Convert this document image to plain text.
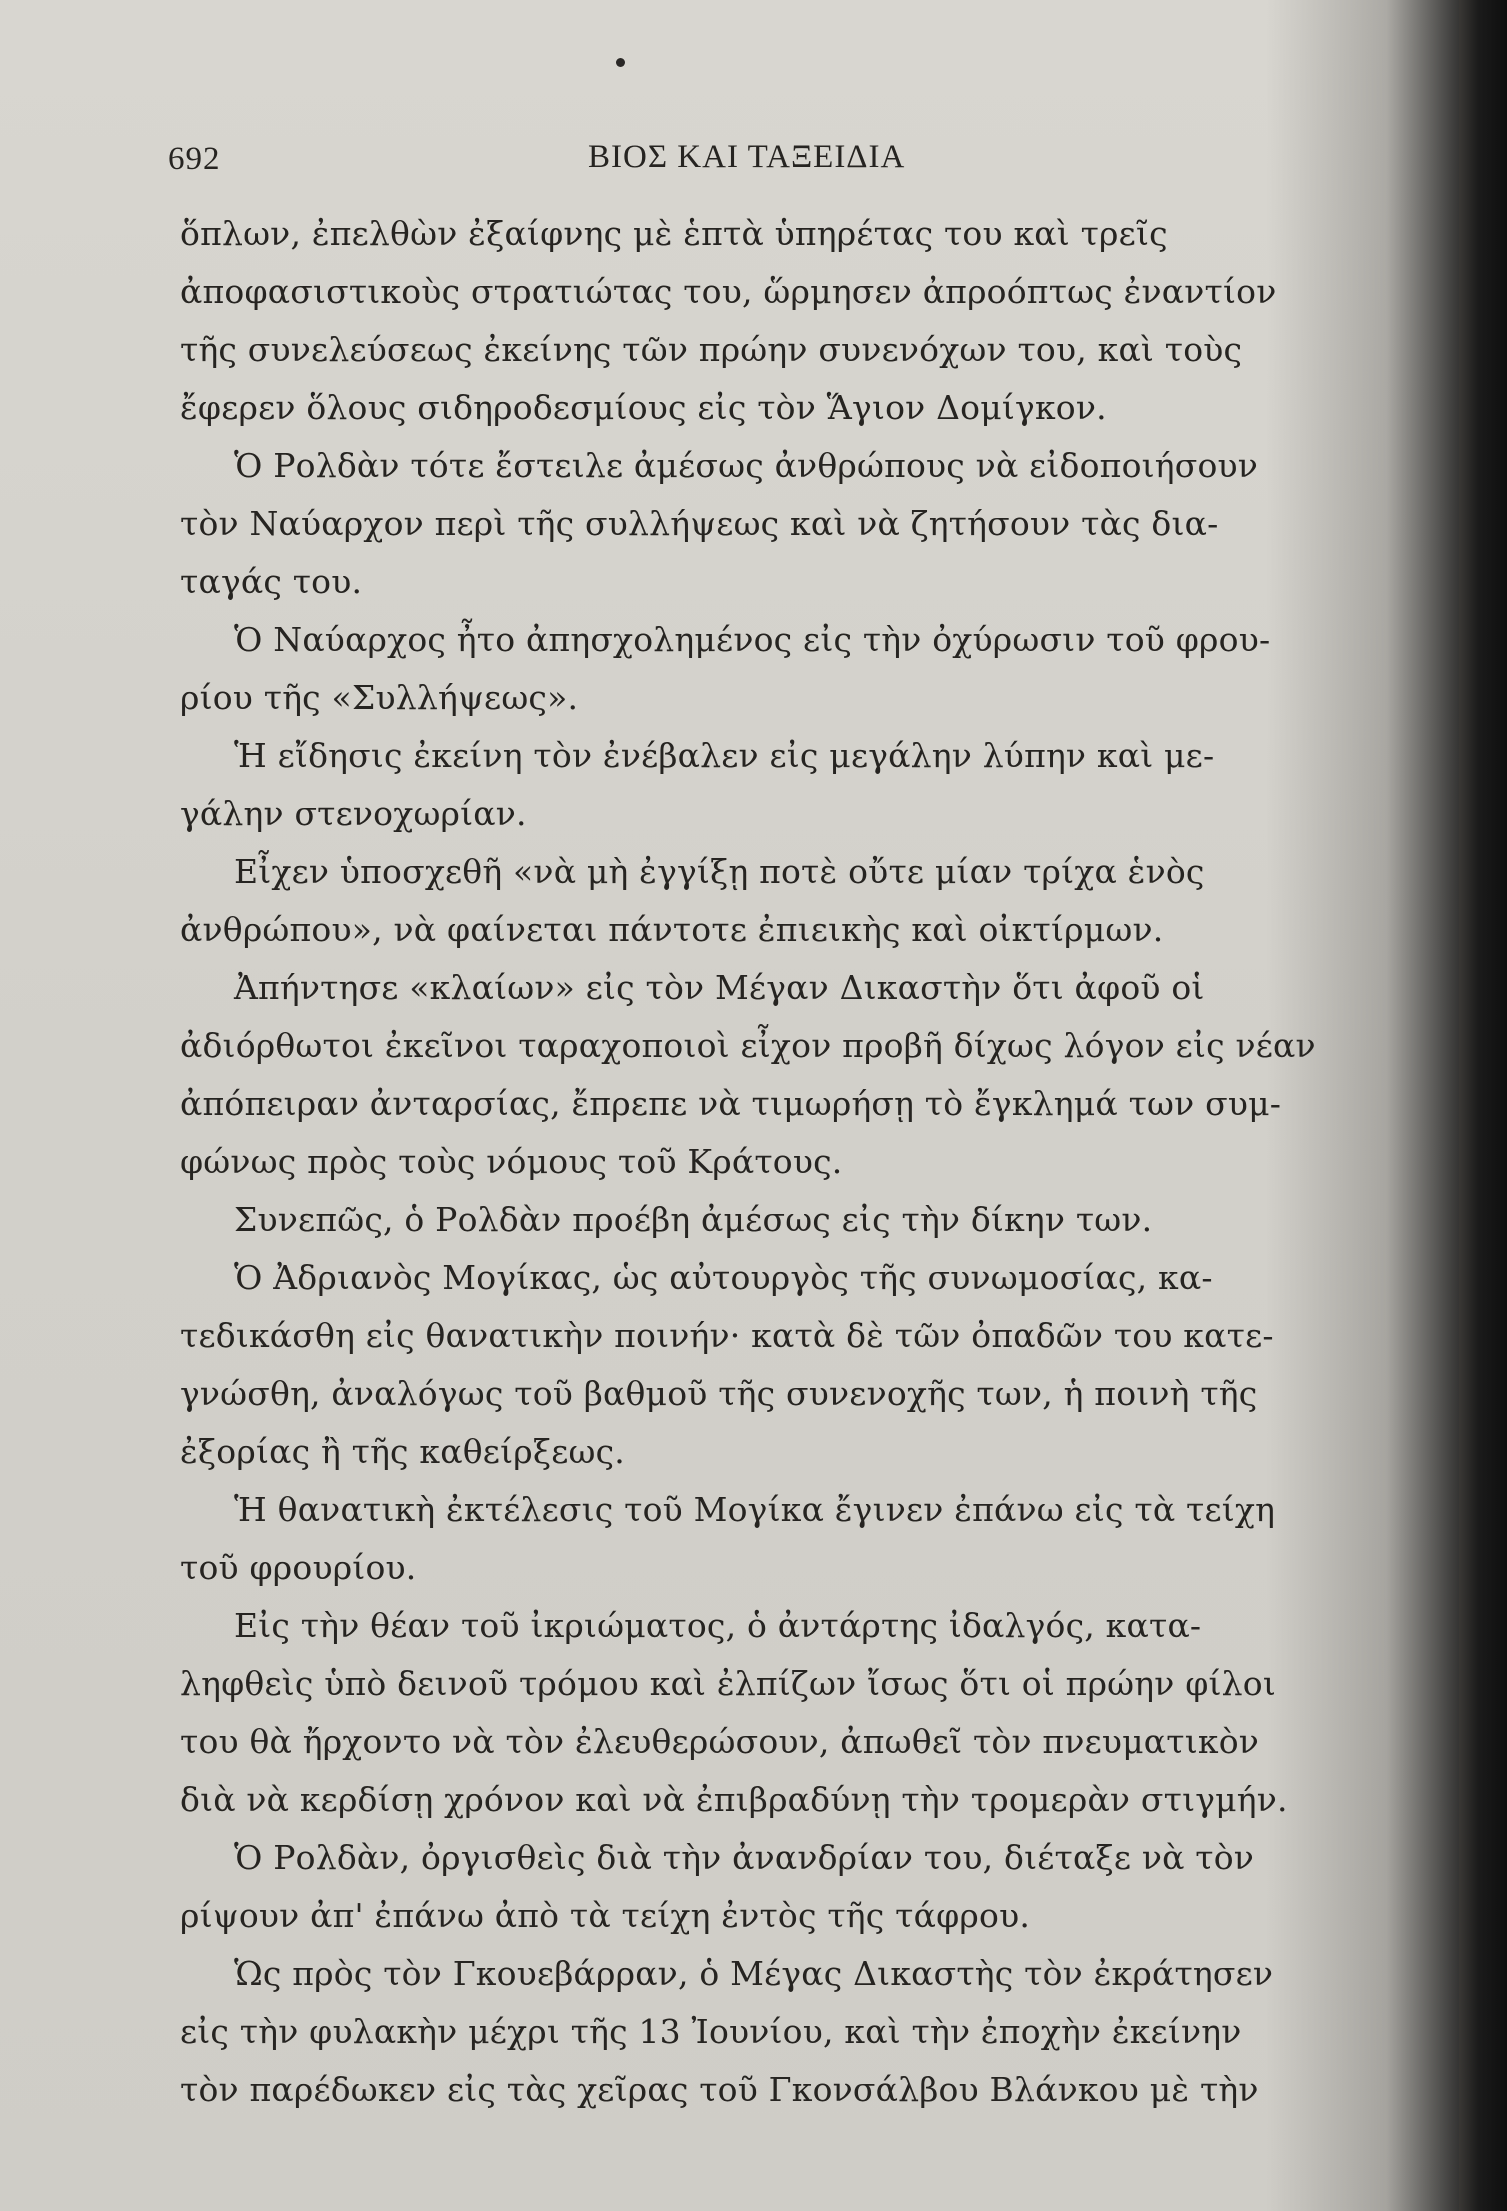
692	ΒΙΟΣ ΚΑΙ ΤΑΞΕΙΔΙΑ
ὅπλων, ἐπελθὼν ἐξαίφνης μὲ ἑπτὰ ὑπηρέτας του καὶ τρεῖς
ἀποφασιστικοὺς στρατιώτας του, ὥρμησεν ἀπροόπτως ἐναντίον
τῆς συνελεύσεως ἐκείνης τῶν πρώην συνενόχων του, καὶ τοὺς
ἔφερεν ὅλους σιδηροδεσμίους εἰς τὸν Ἅγιον Δομίγκον.
Ὁ Ρολδὰν τότε ἔστειλε ἀμέσως ἀνθρώπους νὰ εἰδοποιήσουν
τὸν Ναύαρχον περὶ τῆς συλλήψεως καὶ νὰ ζητήσουν τὰς δια-
ταγάς του.
Ὁ Ναύαρχος ἦτο ἀπησχολημένος εἰς τὴν ὀχύρωσιν τοῦ φρου-
ρίου τῆς «Συλλήψεως».
Ἡ εἴδησις ἐκείνη τὸν ἐνέβαλεν εἰς μεγάλην λύπην καὶ με-
γάλην στενοχωρίαν.
Εἶχεν ὑποσχεθῆ «νὰ μὴ ἐγγίξῃ ποτὲ οὔτε μίαν τρίχα ἑνὸς
ἀνθρώπου», νὰ φαίνεται πάντοτε ἐπιεικὴς καὶ οἰκτίρμων.
Ἀπήντησε «κλαίων» εἰς τὸν Μέγαν Δικαστὴν ὅτι ἀφοῦ οἱ
ἀδιόρθωτοι ἐκεῖνοι ταραχοποιοὶ εἶχον προβῆ δίχως λόγον εἰς νέαν
ἀπόπειραν ἀνταρσίας, ἔπρεπε νὰ τιμωρήσῃ τὸ ἔγκλημά των συμ-
φώνως πρὸς τοὺς νόμους τοῦ Κράτους.
Συνεπῶς, ὁ Ρολδὰν προέβη ἀμέσως εἰς τὴν δίκην των.
Ὁ Ἀδριανὸς Μογίκας, ὡς αὐτουργὸς τῆς συνωμοσίας, κα-
τεδικάσθη εἰς θανατικὴν ποινήν· κατὰ δὲ τῶν ὀπαδῶν του κατε-
γνώσθη, ἀναλόγως τοῦ βαθμοῦ τῆς συνενοχῆς των, ἡ ποινὴ τῆς
ἐξορίας ἢ τῆς καθείρξεως.
Ἡ θανατικὴ ἐκτέλεσις τοῦ Μογίκα ἔγινεν ἐπάνω εἰς τὰ τείχη
τοῦ φρουρίου.
Εἰς τὴν θέαν τοῦ ἰκριώματος, ὁ ἀντάρτης ἰδαλγός, κατα-
ληφθεὶς ὑπὸ δεινοῦ τρόμου καὶ ἐλπίζων ἴσως ὅτι οἱ πρώην φίλοι
του θὰ ἤρχοντο νὰ τὸν ἐλευθερώσουν, ἀπωθεῖ τὸν πνευματικὸν
διὰ νὰ κερδίσῃ χρόνον καὶ νὰ ἐπιβραδύνῃ τὴν τρομερὰν στιγμήν.
Ὁ Ρολδὰν, ὀργισθεὶς διὰ τὴν ἀνανδρίαν του, διέταξε νὰ τὸν
ρίψουν ἀπ' ἐπάνω ἀπὸ τὰ τείχη ἐντὸς τῆς τάφρου.
Ὡς πρὸς τὸν Γκουεβάρραν, ὁ Μέγας Δικαστὴς τὸν ἐκράτησεν
εἰς τὴν φυλακὴν μέχρι τῆς 13 Ἰουνίου, καὶ τὴν ἐποχὴν ἐκείνην
τὸν παρέδωκεν εἰς τὰς χεῖρας τοῦ Γκονσάλβου Βλάνκου μὲ τὴν
